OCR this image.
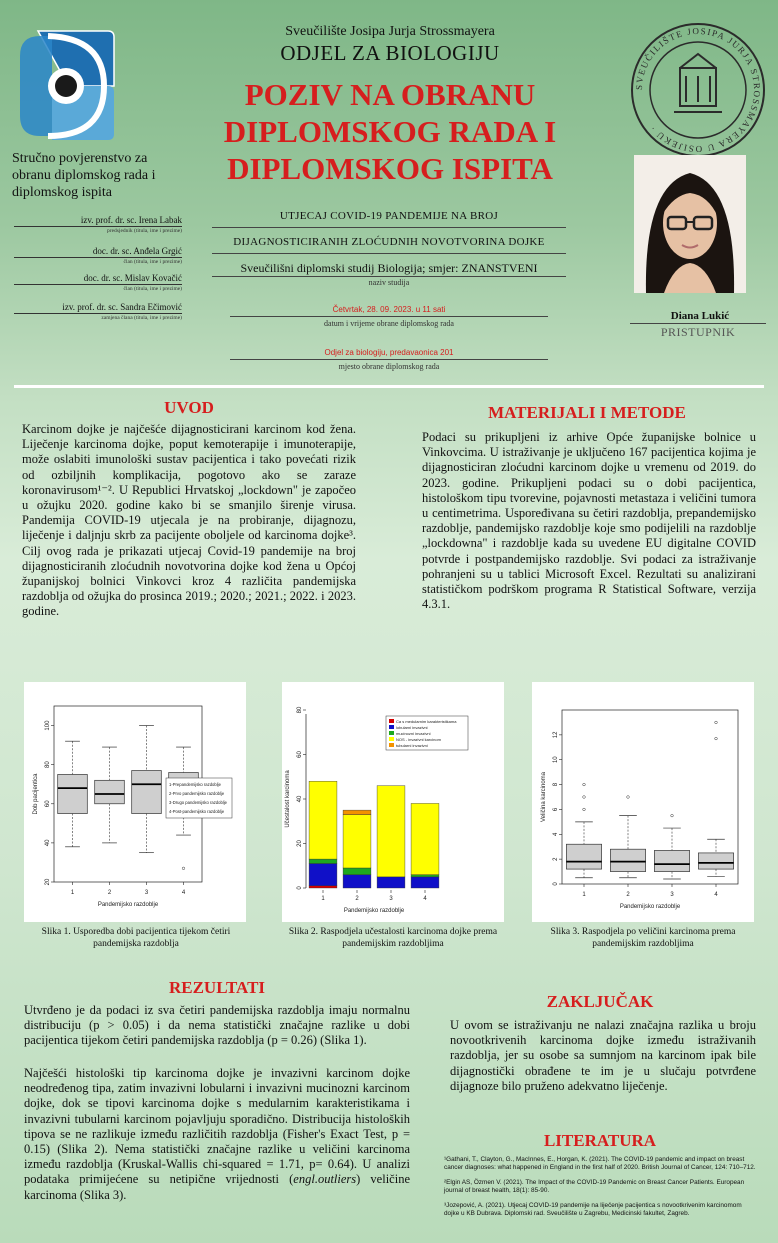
Sveučilište Josipa Jurja Strossmayera
ODJEL ZA BIOLOGIJU
POZIV NA OBRANU
DIPLOMSKOG RADA I
DIPLOMSKOG ISPITA
SVEUČILIŠTE JOSIPA JURJA STROSSMAYERA U OSIJEKU ·
Stručno povjerenstvo za obranu diplomskog rada i diplomskog ispita
izv. prof. dr. sc. Irena Labak
predsjednik (titula, ime i prezime)
doc. dr. sc. Anđela Grgić
član (titula, ime i prezime)
doc. dr. sc. Mislav Kovačić
član (titula, ime i prezime)
izv. prof. dr. sc. Sandra Ečimović
zamjena člana (titula, ime i prezime)
UTJECAJ COVID-19 PANDEMIJE NA BROJ
DIJAGNOSTICIRANIH ZLOĆUDNIH NOVOTVORINA DOJKE
Sveučilišni diplomski studij Biologija; smjer: ZNANSTVENI
naziv studija
Četvrtak, 28. 09. 2023. u 11 sati
datum i vrijeme obrane diplomskog rada
Odjel za biologiju, predavaonica 201
mjesto obrane diplomskog rada
Diana Lukić
PRISTUPNIK
UVOD
Karcinom dojke je najčešće dijagnosticirani karcinom kod žena. Liječenje karcinoma dojke, poput kemoterapije i imunoterapije, može oslabiti imunološki sustav pacijentica i tako povećati rizik od ozbiljnih komplikacija, pogotovo ako se zaraze koronavirusom¹⁻². U Republici Hrvatskoj „lockdown" je započeo u ožujku 2020. godine kako bi se smanjilo širenje virusa. Pandemija COVID-19 utjecala je na probiranje, dijagnozu, liječenje i daljnju skrb za pacijente oboljele od karcinoma dojke³. Cilj ovog rada je prikazati utjecaj Covid-19 pandemije na broj dijagnosticiranih zloćudnih novotvorina dojke kod žena u Općoj županijskoj bolnici Vinkovci kroz 4 različita pandemijska razdoblja od ožujka do prosinca 2019.; 2020.; 2021.; 2022. i 2023. godine.
MATERIJALI I METODE
Podaci su prikupljeni iz arhive Opće županijske bolnice u Vinkovcima. U istraživanje je uključeno 167 pacijentica kojima je dijagnosticiran zloćudni karcinom dojke u vremenu od 2019. do 2023. godine. Prikupljeni podaci su o dobi pacijentica, histološkom tipu tvorevine, pojavnosti metastaza i veličini tumora u centimetrima. Uspoređivana su četiri razdoblja, prepandemijsko razdoblje, pandemijsko razdoblje koje smo podijelili na razdoblje „lockdowna" i razdoblje kada su uvedene EU digitalne COVID potvrde i postpandemijsko razdoblje. Svi podaci za istraživanje pohranjeni su u tablici Microsoft Excel. Rezultati su analizirani statističkom podrškom programa R Statistical Software, verzija 4.3.1.
20
40
60
80
100
1	2	3	4
Pandemijsko razdoblje
Dob pacijentica	1-Prepandemijsko razdoblje
2-Prvo pandemijsko razdoblje
3-Drugo pandemijsko razdoblje
4-Post-pandemijsko razdoblje
0
20
40
60
80
1	2	3	4
Pandemijsko razdoblje
Učestalost karcinoma
Ca s medularnim karakteristikama
lobularni invazivni
mucinozni invazivni
NOS - invazivni karcinom
tubularni invazivni
0
2
4
6
8
10
12
1	2	3	4
Pandemijsko razdoblje
Veličina karcinoma
Slika 1. Usporedba dobi pacijentica tijekom četiri pandemijska razdoblja
Slika 2. Raspodjela učestalosti karcinoma dojke prema pandemijskim razdobljima
Slika 3. Raspodjela po veličini karcinoma prema pandemijskim razdobljima
REZULTATI
Utvrđeno je da podaci iz sva četiri pandemijska razdoblja imaju normalnu distribuciju (p > 0.05) i da nema statistički značajne razlike u dobi pacijentica tijekom četiri pandemijska razdoblja (p = 0.26) (Slika 1).
Najčešći histološki tip karcinoma dojke je invazivni karcinom dojke neodređenog tipa, zatim invazivni lobularni i invazivni mucinozni karcinom dojke, dok se tipovi karcinoma dojke s medularnim karakteristikama i invazivni tubularni karcinom pojavljuju sporadično. Distribucija histoloških tipova se ne razlikuje između različitih razdoblja (Fisher's Exact Test, p = 0.15) (Slika 2). Nema statistički značajne razlike u veličini karcinoma između razdoblja (Kruskal-Wallis chi-squared = 1.71, p= 0.64). U analizi podataka primijećene su netipične vrijednosti (engl.outliers) veličine karcinoma (Slika 3).
ZAKLJUČAK
U ovom se istraživanju ne nalazi značajna razlika u broju novootkrivenih karcinoma dojke između istraživanih razdoblja, jer su osobe sa sumnjom na karcinom ipak bile dijagnostički obrađene te im je u slučaju potvrđene dijagnoze bilo pruženo adekvatno liječenje.
LITERATURA
¹Gathani, T., Clayton, G., MacInnes, E., Horgan, K. (2021). The COVID-19 pandemic and impact on breast cancer diagnoses: what happened in England in the first half of 2020. British Journal of Cancer, 124: 710–712.
²Elgin AS, Özmen V. (2021). The Impact of the COVID-19 Pandemic on Breast Cancer Patients. European journal of breast health, 18(1): 85-90.
³Jozepović, A. (2021). Utjecaj COVID-19 pandemije na liječenje pacijentica s novootkrivenim karcinomom dojke u KB Dubrava. Diplomski rad. Sveučilište u Zagrebu, Medicinski fakultet, Zagreb.
